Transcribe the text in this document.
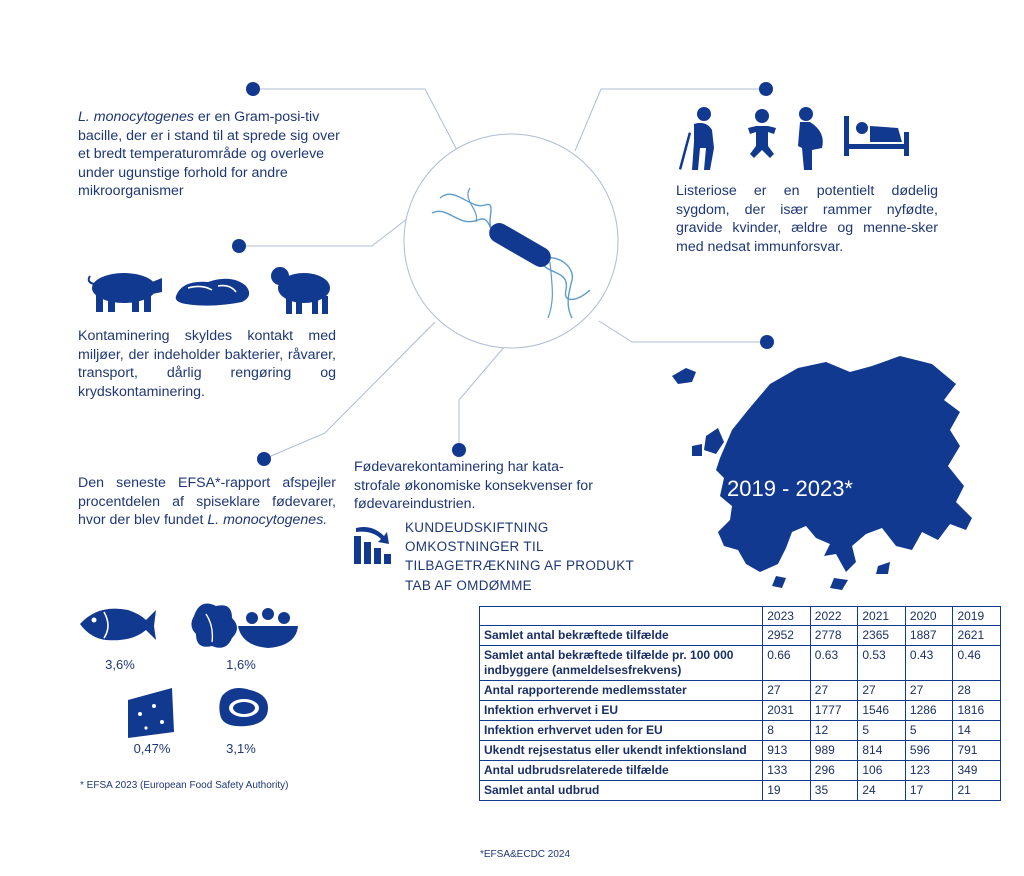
L. monocytogenes er en Gram-posi-tiv bacille, der er i stand til at sprede sig over et bredt temperaturområde og overleve under ugunstige forhold for andre mikroorganismer	Listeriose er en potentielt dødelig sygdom, der især rammer nyfødte, gravide kvinder, ældre og menne-sker med nedsat immunforsvar.
Kontaminering skyldes kontakt med miljøer, der indeholder bakterier, råvarer, transport, dårlig rengøring og krydskontaminering.
Den seneste EFSA*-rapport afspejler procentdelen af spiseklare fødevarer, hvor der blev fundet L. monocytogenes.
3,6%	1,6%
0,47%	3,1%
* EFSA 2023 (European Food Safety Authority)
Fødevarekontaminering har kata-strofale økonomiske konsekvenser for fødevareindustrien.
KUNDEUDSKIFTNING
OMKOSTNINGER TIL TILBAGETRÆKNING AF PRODUKT
TAB AF OMDØMME
2019 - 2023*
	2023	2022	2021	2020	2019
Samlet antal bekræftede tilfælde	2952	2778	2365	1887	2621
Samlet antal bekræftede tilfælde pr. 100 000 indbyggere (anmeldelsesfrekvens)	0.66	0.63	0.53	0.43	0.46
Antal rapporterende medlemsstater	27	27	27	27	28
Infektion erhvervet i EU	2031	1777	1546	1286	1816
Infektion erhvervet uden for EU	8	12	5	5	14
Ukendt rejsestatus eller ukendt infektionsland	913	989	814	596	791
Antal udbrudsrelaterede tilfælde	133	296	106	123	349
Samlet antal udbrud	19	35	24	17	21
*EFSA&ECDC 2024
